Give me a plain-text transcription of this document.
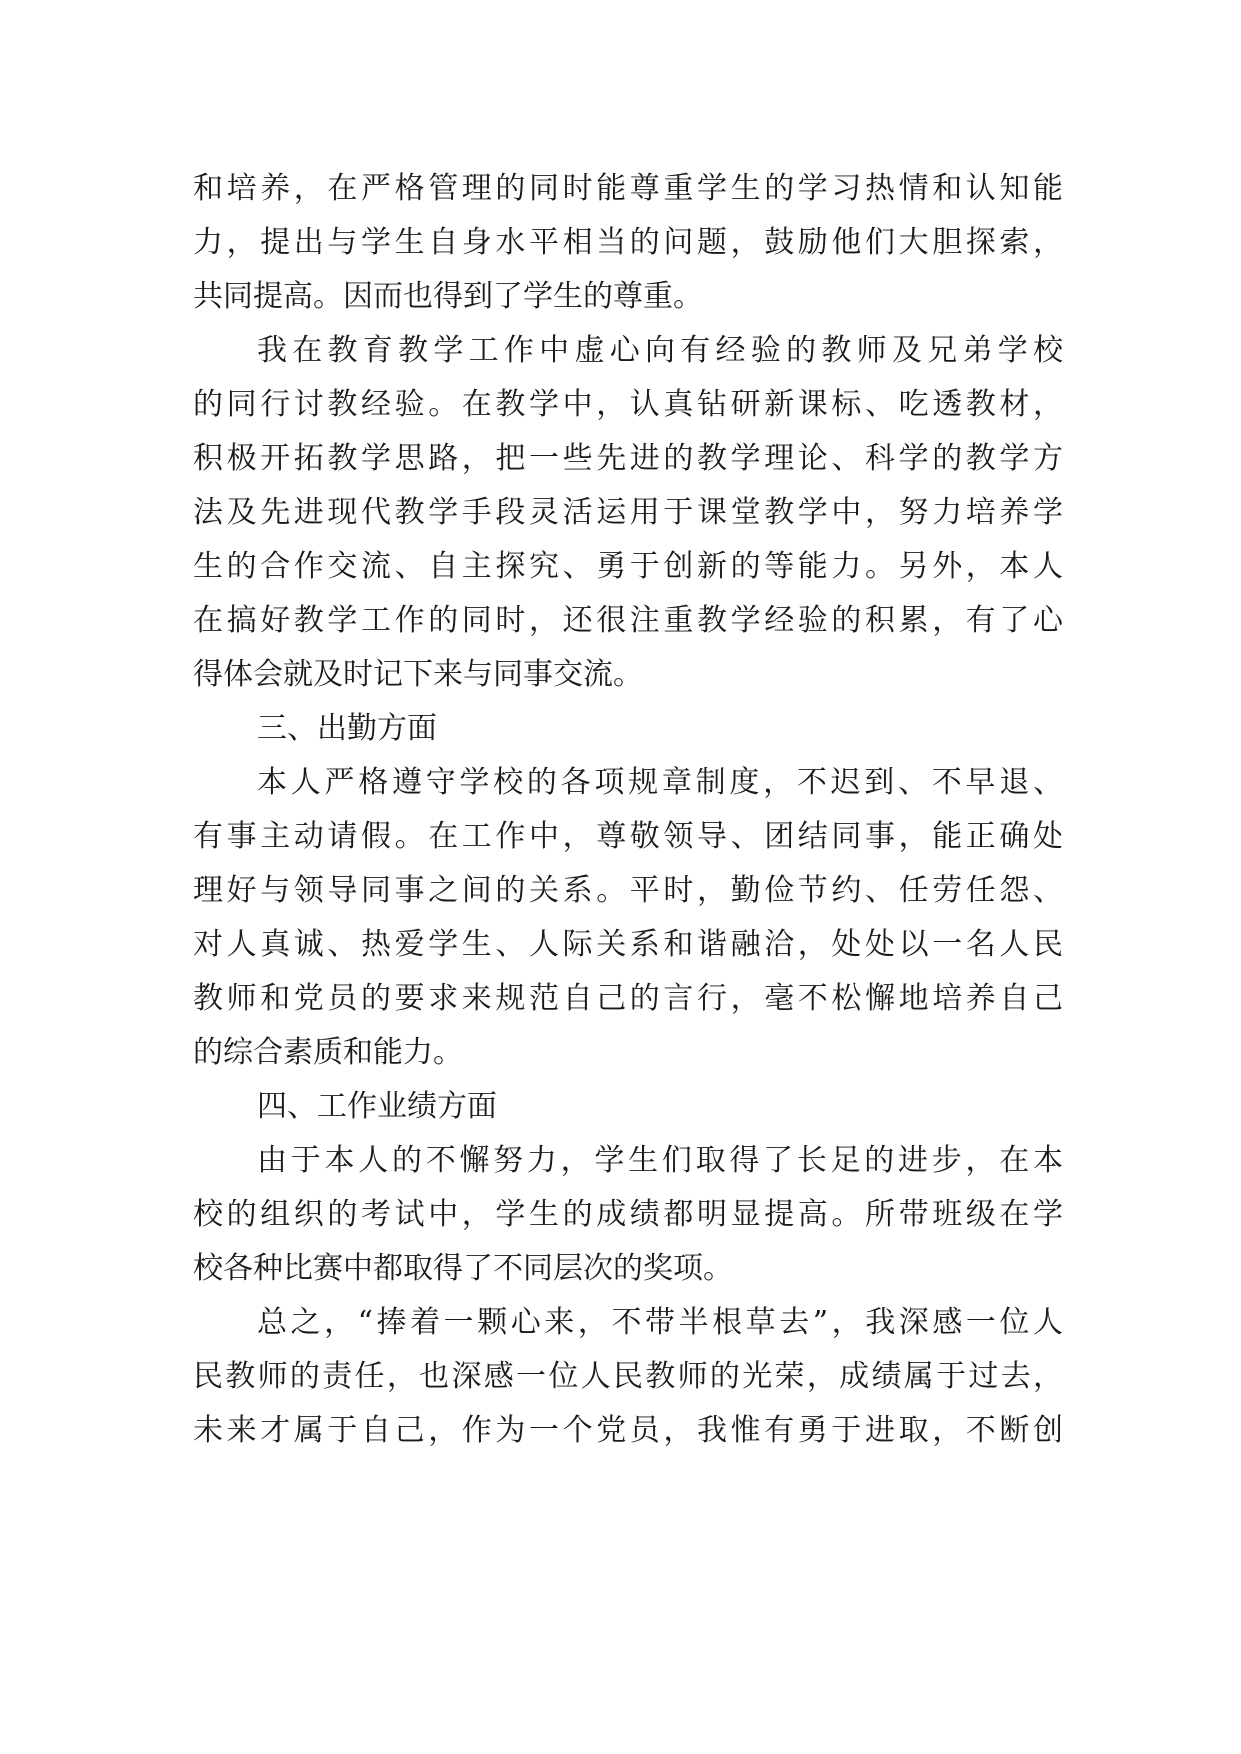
和培养，在严格管理的同时能尊重学生的学习热情和认知能
力，提出与学生自身水平相当的问题，鼓励他们大胆探索，
共同提高。因而也得到了学生的尊重。
我在教育教学工作中虚心向有经验的教师及兄弟学校
的同行讨教经验。在教学中，认真钻研新课标、吃透教材，
积极开拓教学思路，把一些先进的教学理论、科学的教学方
法及先进现代教学手段灵活运用于课堂教学中，努力培养学
生的合作交流、自主探究、勇于创新的等能力。另外，本人
在搞好教学工作的同时，还很注重教学经验的积累，有了心
得体会就及时记下来与同事交流。
三、出勤方面
本人严格遵守学校的各项规章制度，不迟到、不早退、
有事主动请假。在工作中，尊敬领导、团结同事，能正确处
理好与领导同事之间的关系。平时，勤俭节约、任劳任怨、
对人真诚、热爱学生、人际关系和谐融洽，处处以一名人民
教师和党员的要求来规范自己的言行，毫不松懈地培养自己
的综合素质和能力。
四、工作业绩方面
由于本人的不懈努力，学生们取得了长足的进步，在本
校的组织的考试中，学生的成绩都明显提高。所带班级在学
校各种比赛中都取得了不同层次的奖项。
总之，“捧着一颗心来，不带半根草去”，我深感一位人
民教师的责任，也深感一位人民教师的光荣，成绩属于过去，
未来才属于自己，作为一个党员，我惟有勇于进取，不断创
